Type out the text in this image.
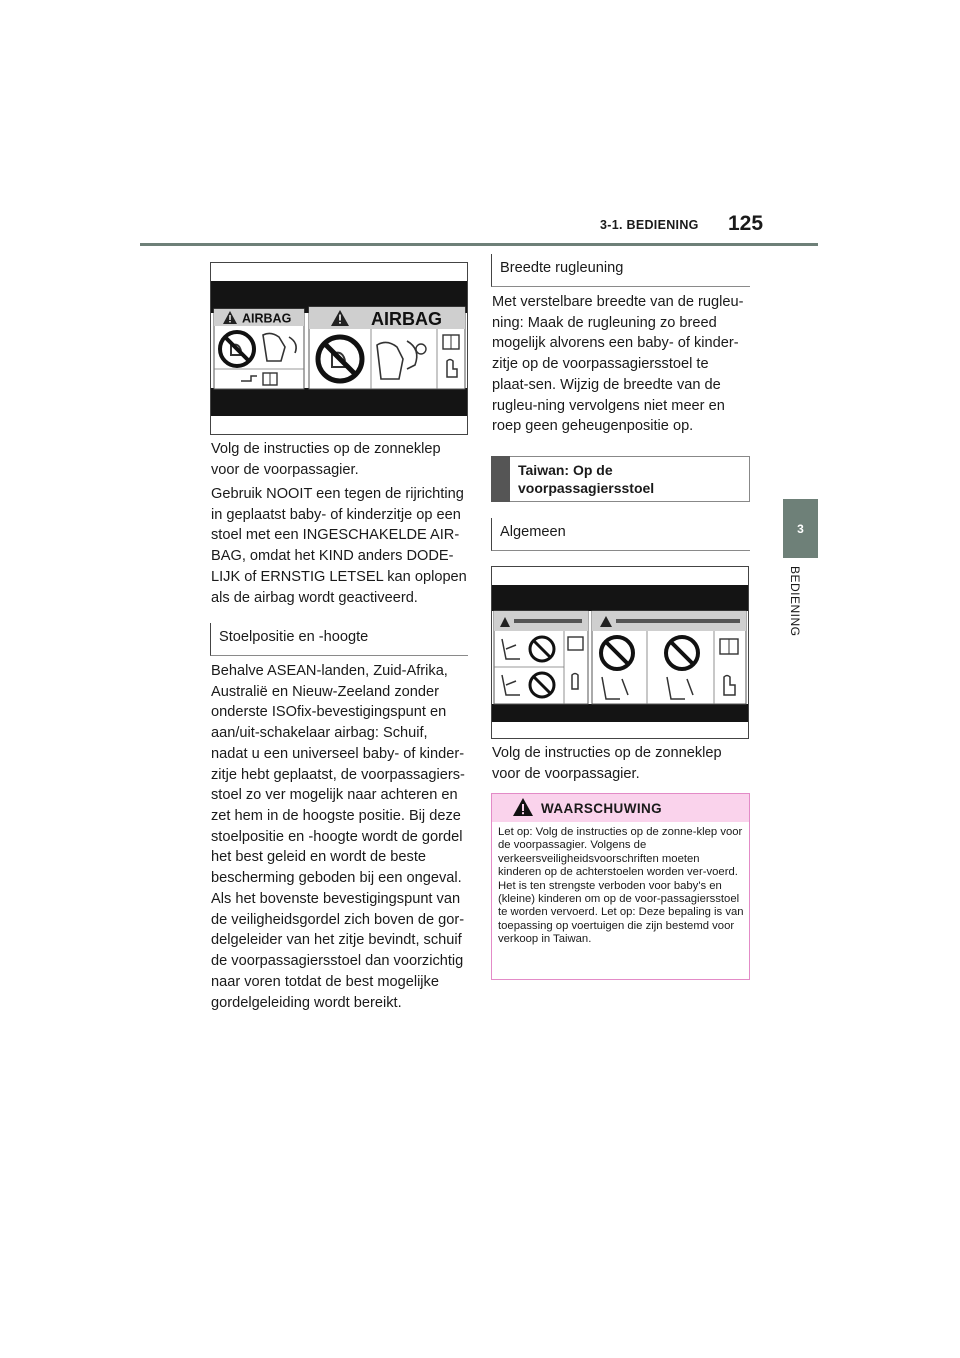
3-1. BEDIENING 125
3
BEDIENING
AIRBAG	AIRBAG
Volg de instructies op de zonneklep voor de voorpassagier.
Gebruik NOOIT een tegen de rijrichting in geplaatst baby- of kinderzitje op een stoel met een INGESCHAKELDE AIR-BAG, omdat het KIND anders DODE-LIJK of ERNSTIG LETSEL kan oplopen als de airbag wordt geactiveerd.
Stoelpositie en -hoogte
Behalve ASEAN-landen, Zuid-Afrika, Australië en Nieuw-Zeeland zonder onderste ISOfix-bevestigingspunt en aan/uit-schakelaar airbag: Schuif, nadat u een universeel baby- of kinder-zitje hebt geplaatst, de voorpassagiers-stoel zo ver mogelijk naar achteren en zet hem in de hoogste positie. Bij deze stoelpositie en -hoogte wordt de gordel het best geleid en wordt de beste bescherming geboden bij een ongeval.
Als het bovenste bevestigingspunt van de veiligheidsgordel zich boven de gor-delgeleider van het zitje bevindt, schuif de voorpassagiersstoel dan voorzichtig naar voren totdat de best mogelijke gordelgeleiding wordt bereikt.
Breedte rugleuning
Met verstelbare breedte van de rugleu-ning: Maak de rugleuning zo breed mogelijk alvorens een baby- of kinder-zitje op de voorpassagiersstoel te plaat-sen. Wijzig de breedte van de rugleu-ning vervolgens niet meer en roep geen geheugenpositie op.
Taiwan: Op de voorpassagiersstoel
Algemeen
Volg de instructies op de zonneklep voor de voorpassagier.
WAARSCHUWING
Let op: Volg de instructies op de zonne-klep voor de voorpassagier. Volgens de verkeersveiligheidsvoorschriften moeten kinderen op de achterstoelen worden ver-voerd. Het is ten strengste verboden voor baby's en (kleine) kinderen om op de voor-passagiersstoel te worden vervoerd. Let op: Deze bepaling is van toepassing op voertuigen die zijn bestemd voor verkoop in Taiwan.
